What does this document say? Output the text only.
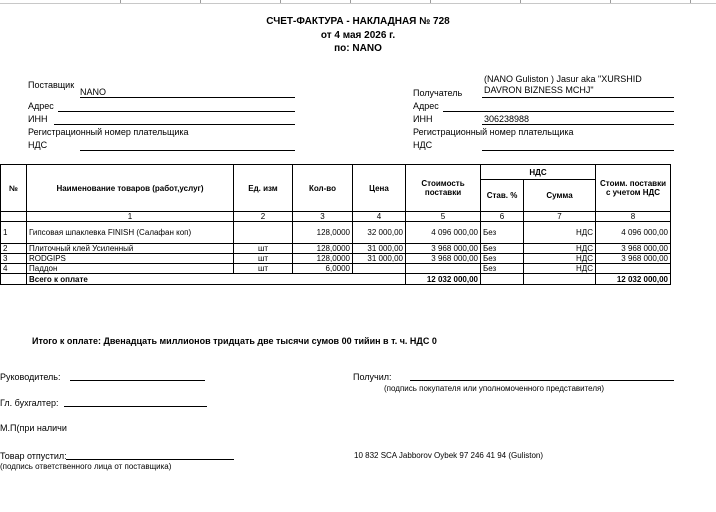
СЧЕТ-ФАКТУРА - НАКЛАДНАЯ № 728
от 4 мая 2026 г.
по: NANO
Поставщик
NANO
Адрес
ИНН
Регистрационный номер плательщика
НДС
Получатель
(NANO Guliston ) Jasur aka "XURSHID
DAVRON BIZNESS MCHJ"
Адрес
ИНН	306238988
Регистрационный номер плательщика
НДС
№	Наименование товаров (работ,услуг)	Ед. изм	Кол-во	Цена	Стоимость поставки	НДС		Стоим. поставки с учетом НДС
						Став. %	Сумма	
	1	2	3	4	5	6	7	8
1	Гипсовая шпаклевка FINISH (Салафан коп)		128,0000	32 000,00	4 096 000,00	Без	НДС	4 096 000,00
2	Плиточный клей Усиленный	шт	128,0000	31 000,00	3 968 000,00	Без	НДС	3 968 000,00
3	RODGIPS	шт	128,0000	31 000,00	3 968 000,00	Без	НДС	3 968 000,00
4	Паддон	шт	6,0000			Без	НДС	
	Всего к оплате				12 032 000,00			12 032 000,00
Итого к оплате: Двенадцать миллионов тридцать две тысячи сумов 00 тийин в т. ч. НДС 0
Руководитель:
Гл. бухгалтер:
М.П(при наличи
Товар отпустил:
(подпись ответственного лица от поставщика)
Получил:
(подпись покупателя или уполномоченного представителя)
10 832 SCA Jabborov Oybek 97 246 41 94 (Guliston)
